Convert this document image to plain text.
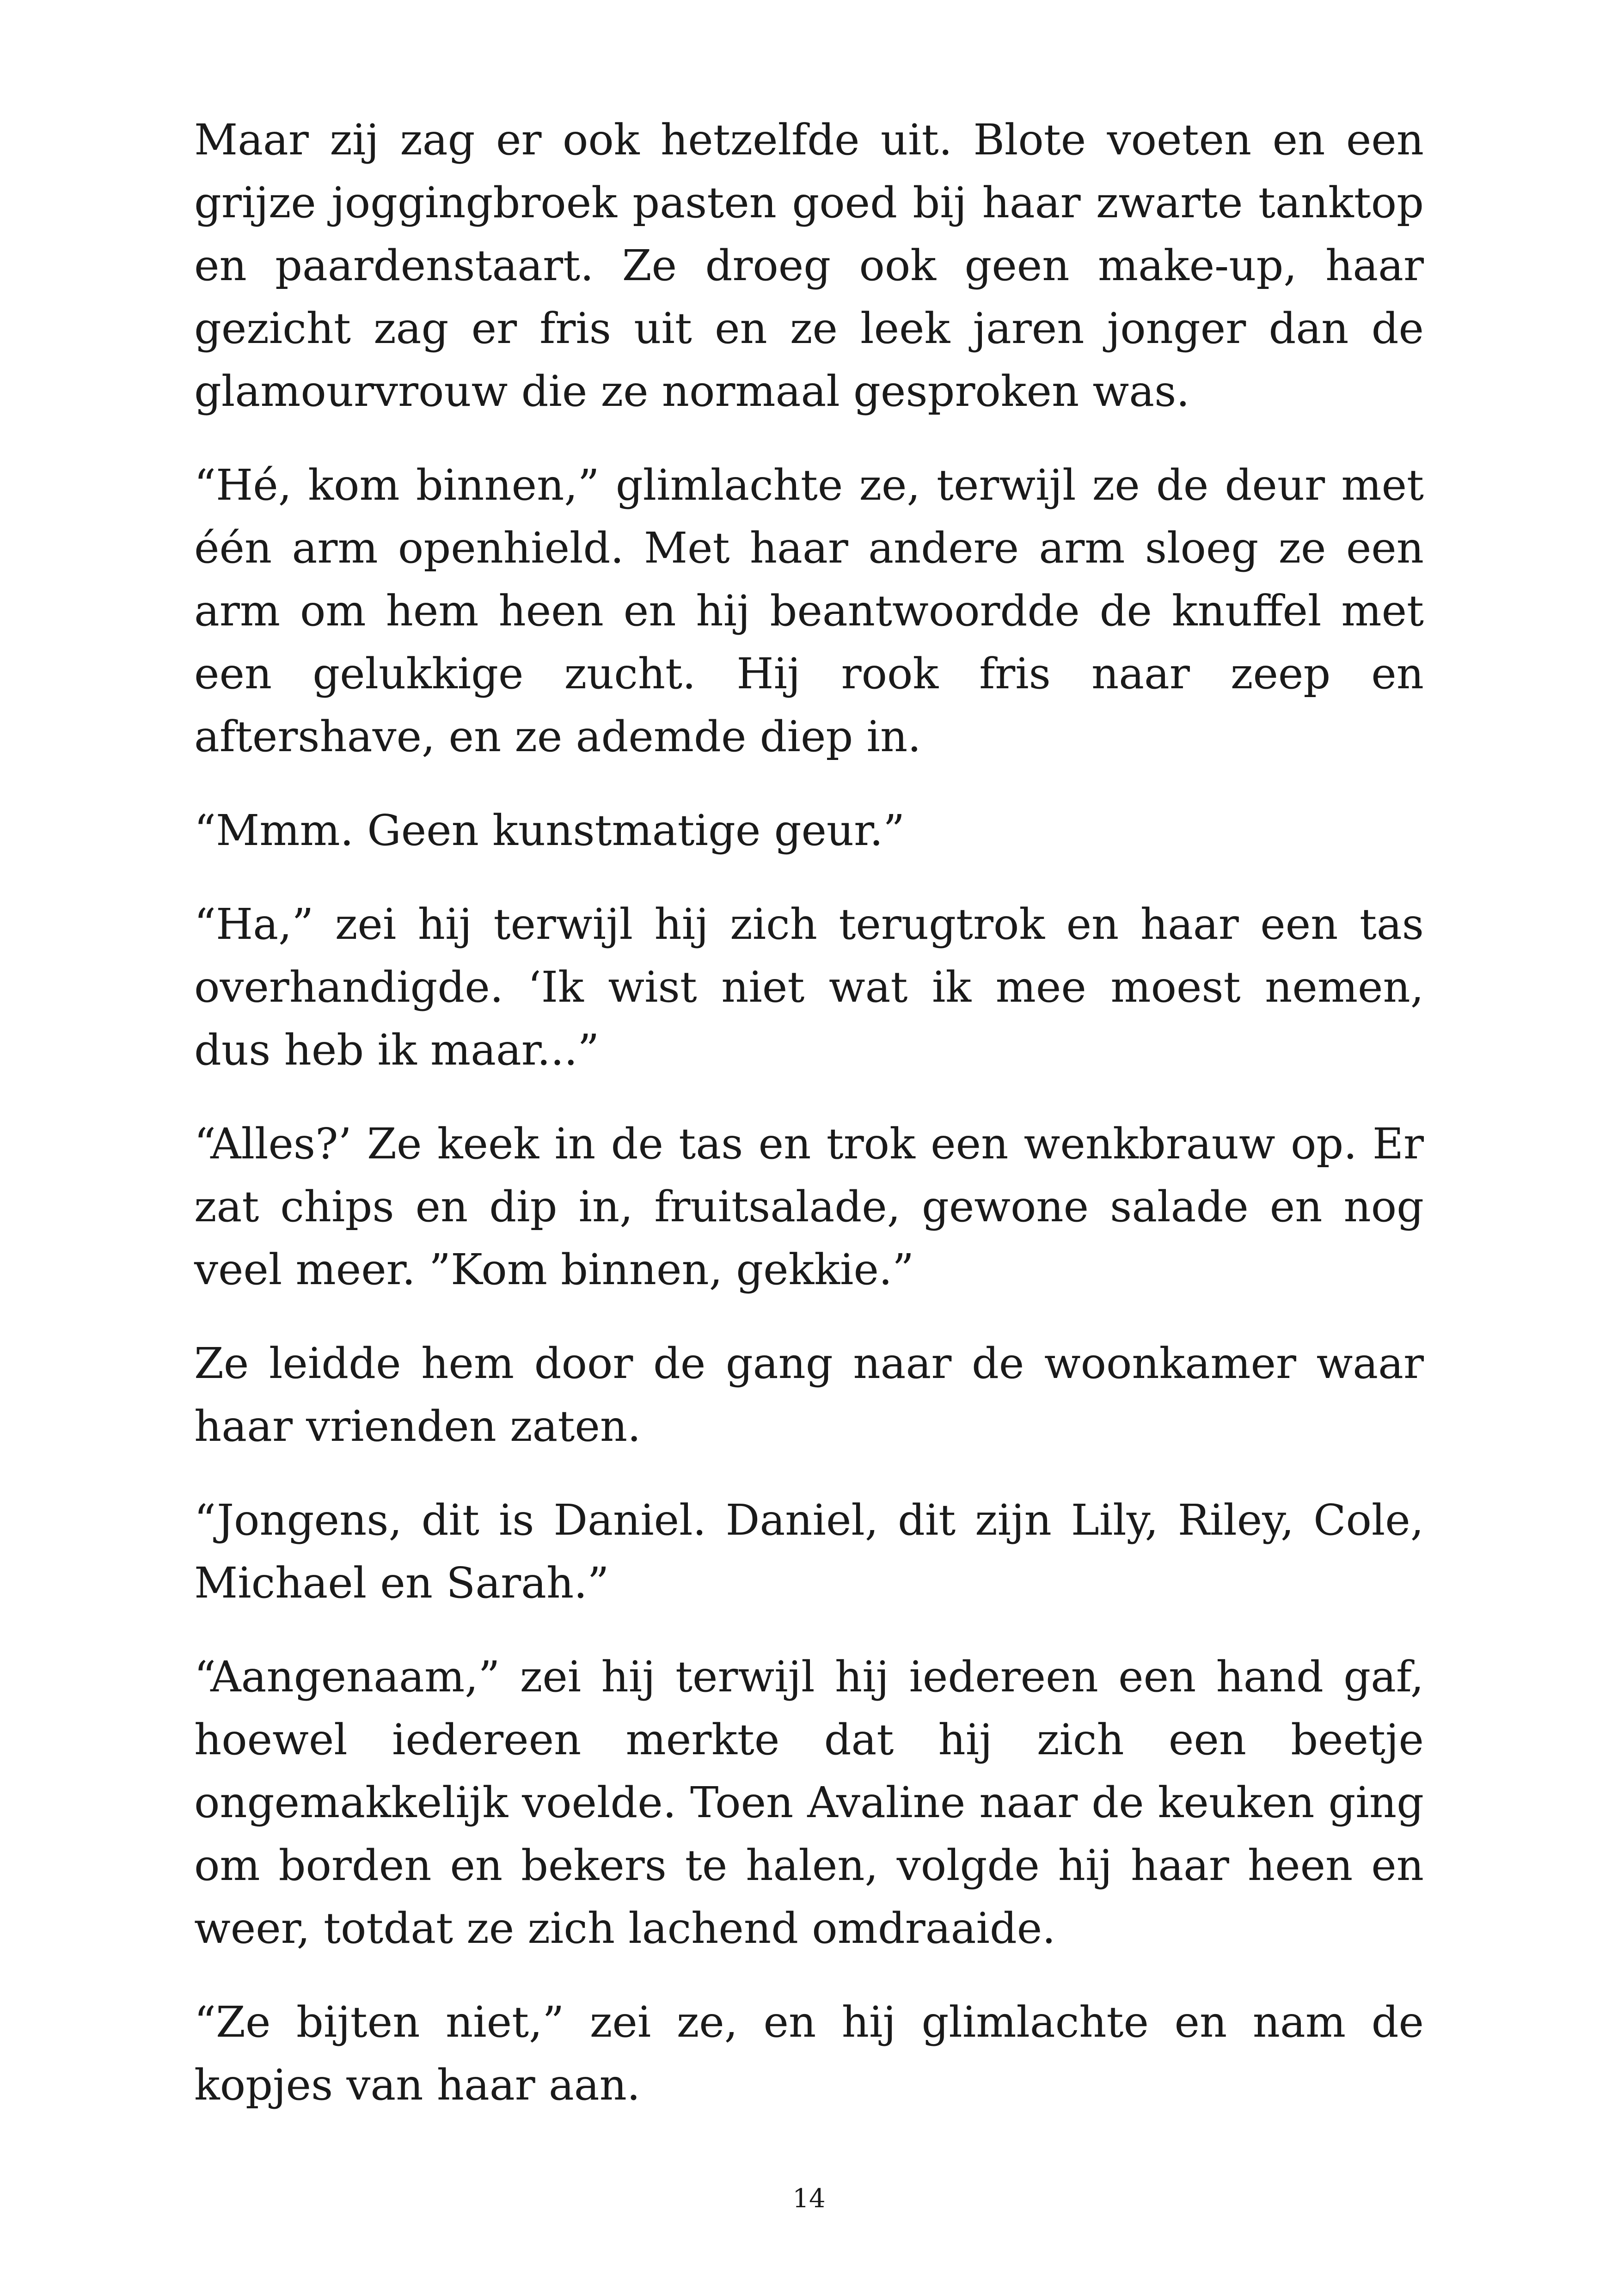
Maar zij zag er ook hetzelfde uit. Blote voeten en een grijze joggingbroek pasten goed bij haar zwarte tanktop en paardenstaart. Ze droeg ook geen make-up, haar gezicht zag er fris uit en ze leek jaren jonger dan de glamourvrouw die ze normaal gesproken was.

“Hé, kom binnen,” glimlachte ze, terwijl ze de deur met één arm openhield. Met haar andere arm sloeg ze een arm om hem heen en hij beantwoordde de knuffel met een gelukkige zucht. Hij rook fris naar zeep en aftershave, en ze ademde diep in.

“Mmm. Geen kunstmatige geur.”

“Ha,” zei hij terwijl hij zich terugtrok en haar een tas overhandigde. ‘Ik wist niet wat ik mee moest nemen, dus heb ik maar...”

“Alles?’ Ze keek in de tas en trok een wenkbrauw op. Er zat chips en dip in, fruitsalade, gewone salade en nog veel meer. ”Kom binnen, gekkie.”

Ze leidde hem door de gang naar de woonkamer waar haar vrienden zaten.

“Jongens, dit is Daniel. Daniel, dit zijn Lily, Riley, Cole, Michael en Sarah.”

“Aangenaam,” zei hij terwijl hij iedereen een hand gaf, hoewel iedereen merkte dat hij zich een beetje ongemakkelijk voelde. Toen Avaline naar de keuken ging om borden en bekers te halen, volgde hij haar heen en weer, totdat ze zich lachend omdraaide.

“Ze bijten niet,” zei ze, en hij glimlachte en nam de kopjes van haar aan.

14
